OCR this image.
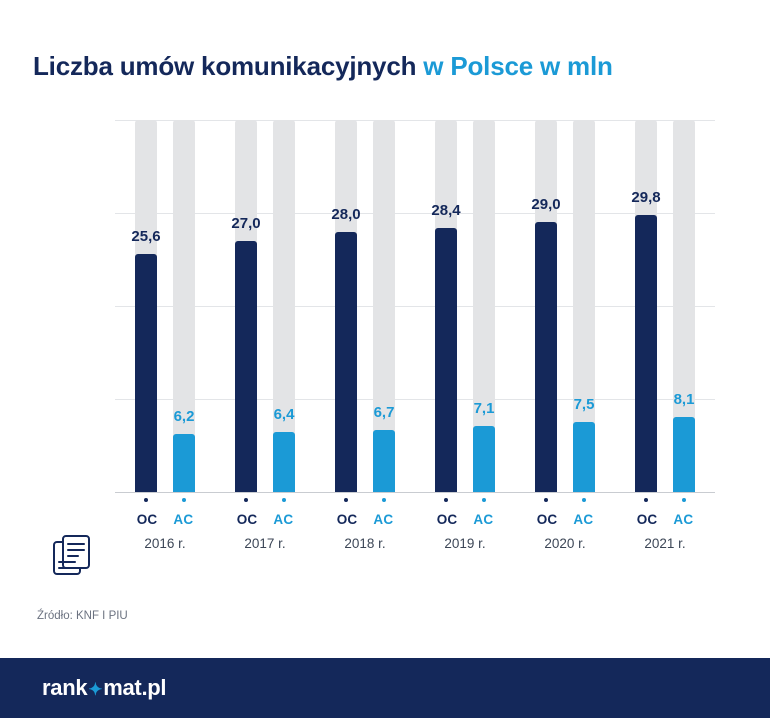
Liczba umów komunikacyjnych w Polsce w mln
25,6
6,2
27,0
6,4
28,0
6,7
28,4
7,1
29,0
7,5
29,8
8,1
OC AC
2016 r.
OC AC
2017 r.
OC AC
2018 r.
OC AC
2019 r.
OC AC
2020 r.
OC AC
2021 r.
Źródło: KNF I PIU
rank ✦ mat.pl
